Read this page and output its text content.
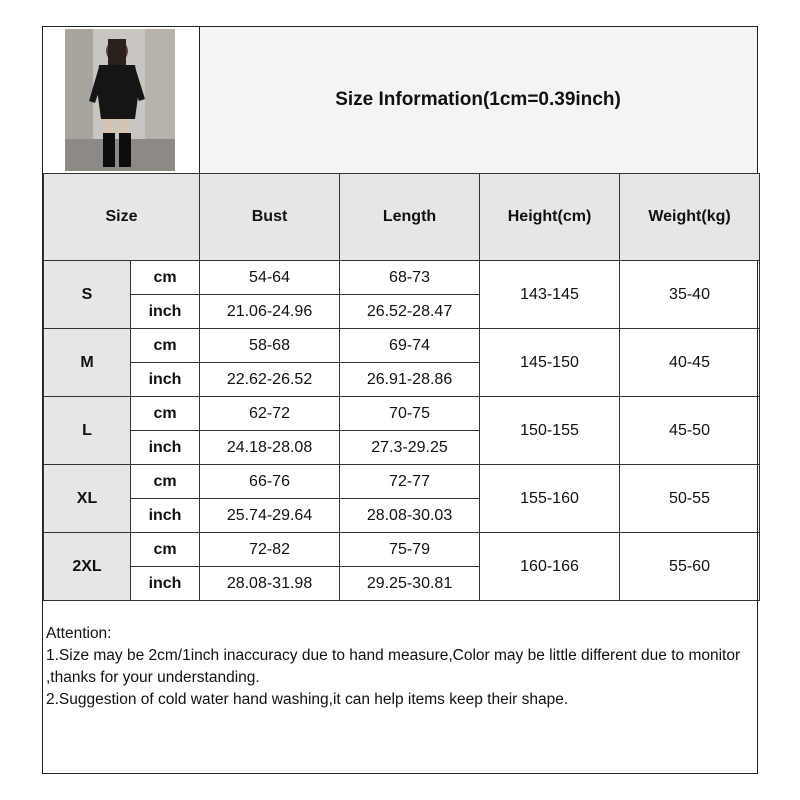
Size Information(1cm=0.39inch)
Size		Bust	Length	Height(cm)	Weight(kg)
S	cm	54-64	68-73	143-145	35-40
	inch	21.06-24.96	26.52-28.47		
M	cm	58-68	69-74	145-150	40-45
	inch	22.62-26.52	26.91-28.86		
L	cm	62-72	70-75	150-155	45-50
	inch	24.18-28.08	27.3-29.25		
XL	cm	66-76	72-77	155-160	50-55
	inch	25.74-29.64	28.08-30.03		
2XL	cm	72-82	75-79	160-166	55-60
	inch	28.08-31.98	29.25-30.81		
Attention:
1.Size may be 2cm/1inch inaccuracy due to hand measure,Color may be little different due to monitor ,thanks for your understanding.
2.Suggestion of cold water hand washing,it can help items keep their shape.
